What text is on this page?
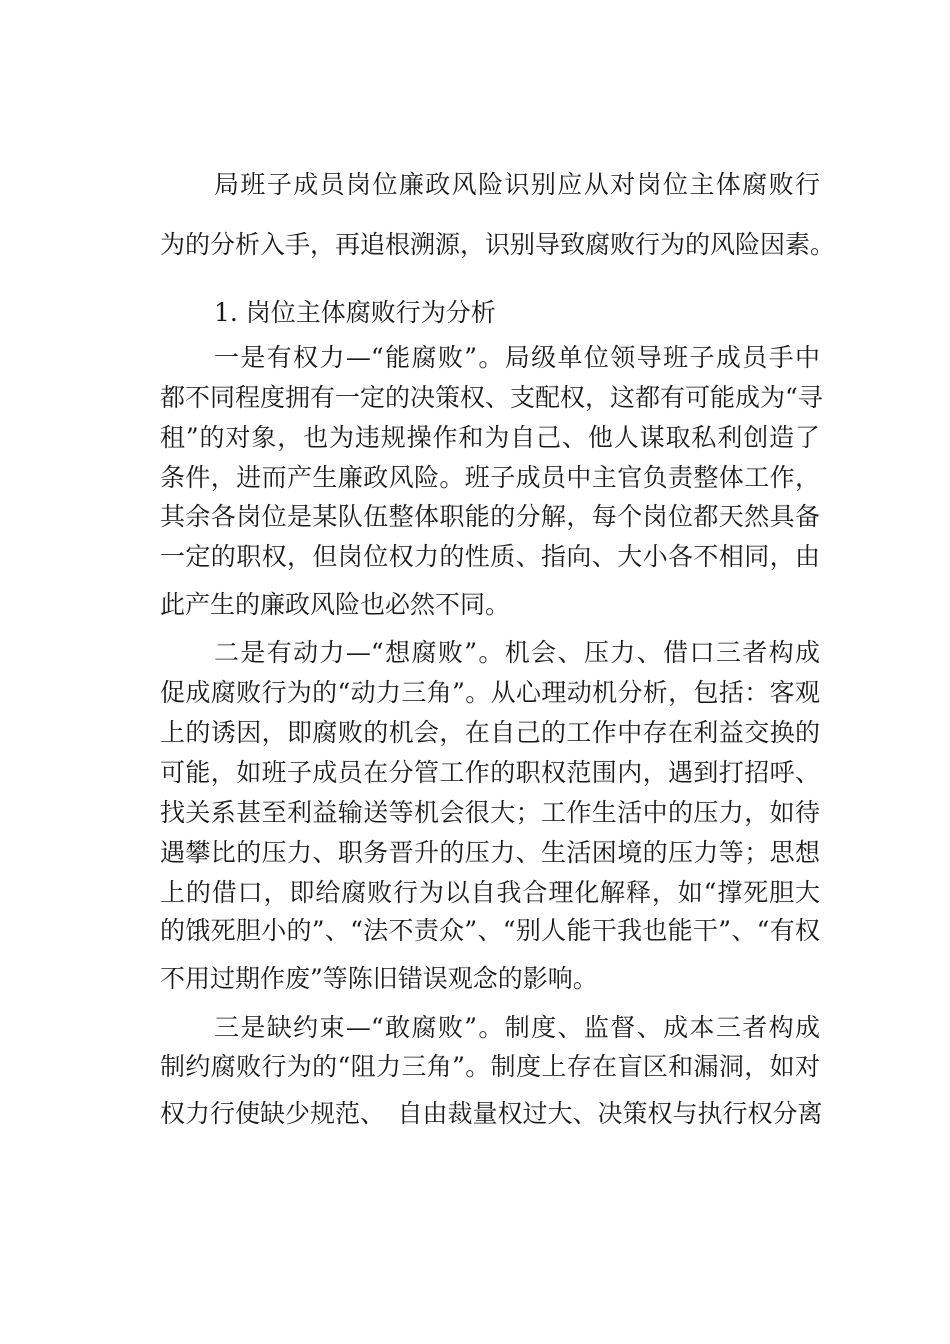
局班子成员岗位廉政风险识别应从对岗位主体腐败行
为的分析入手，再追根溯源，识别导致腐败行为的风险因素。
1. 岗位主体腐败行为分析
一是有权力—“能腐败”。局级单位领导班子成员手中
都不同程度拥有一定的决策权、支配权，这都有可能成为“寻
租”的对象，也为违规操作和为自己、他人谋取私利创造了
条件，进而产生廉政风险。班子成员中主官负责整体工作，
其余各岗位是某队伍整体职能的分解，每个岗位都天然具备
一定的职权，但岗位权力的性质、指向、大小各不相同，由
此产生的廉政风险也必然不同。
二是有动力—“想腐败”。机会、压力、借口三者构成
促成腐败行为的“动力三角”。从心理动机分析，包括：客观
上的诱因，即腐败的机会，在自己的工作中存在利益交换的
可能，如班子成员在分管工作的职权范围内，遇到打招呼、
找关系甚至利益输送等机会很大；工作生活中的压力，如待
遇攀比的压力、职务晋升的压力、生活困境的压力等；思想
上的借口，即给腐败行为以自我合理化解释，如“撑死胆大
的饿死胆小的”、“法不责众”、“别人能干我也能干”、“有权
不用过期作废”等陈旧错误观念的影响。
三是缺约束—“敢腐败”。制度、监督、成本三者构成
制约腐败行为的“阻力三角”。制度上存在盲区和漏洞，如对
权力行使缺少规范、　自由裁量权过大、决策权与执行权分离
